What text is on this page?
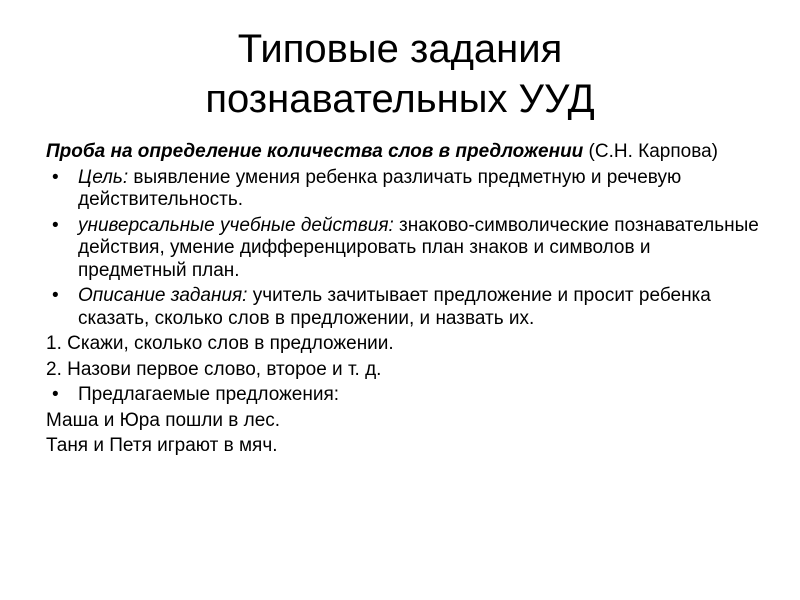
Типовые задания
познавательных УУД

Проба на определение количества слов в предложении (С.Н. Карпова)

• Цель: выявление умения ребенка различать предметную и речевую действительность.

• универсальные учебные действия: знаково-символические познавательные действия, умение дифференцировать план знаков и символов и предметный план.

• Описание задания: учитель зачитывает предложение и просит ребенка сказать, сколько слов в предложении, и назвать их.

1. Скажи, сколько слов в предложении.

2. Назови первое слово, второе и т. д.

• Предлагаемые предложения:

Маша и Юра пошли в лес.

Таня и Петя играют в мяч.
